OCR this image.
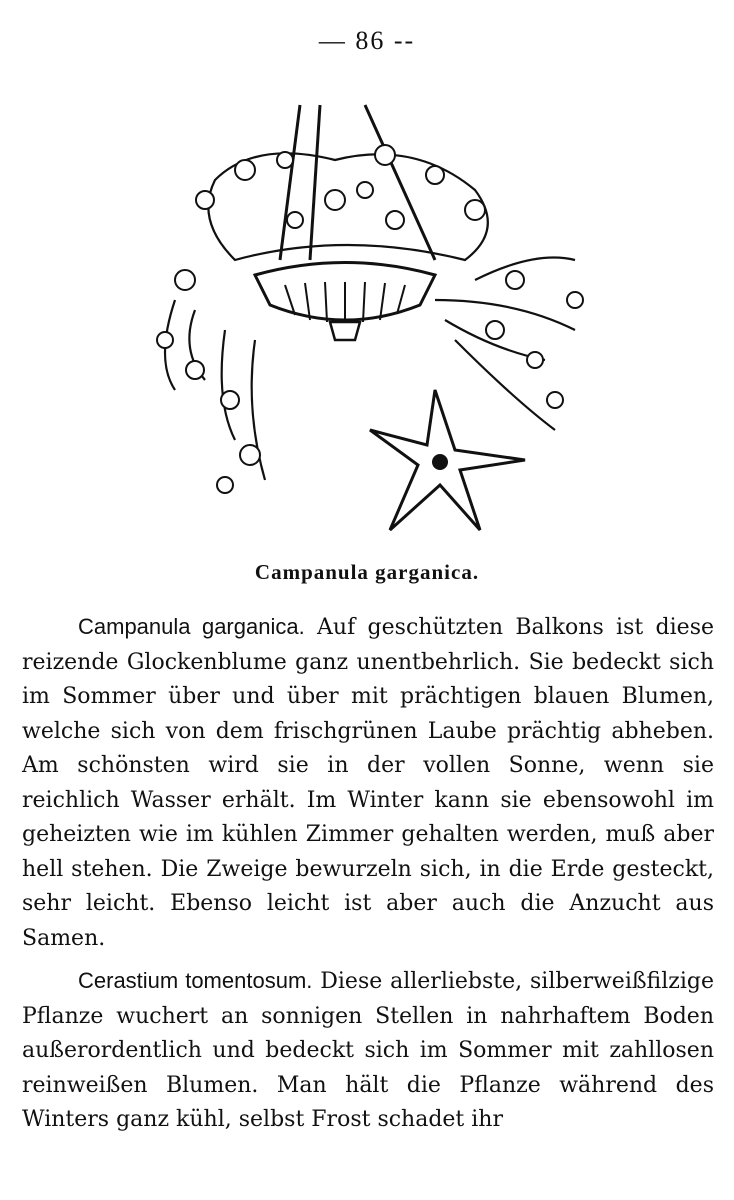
— 86 --
Campanula garganica.

Campanula garganica. Auf geschützten Balkons ist diese reizende Glockenblume ganz unentbehrlich. Sie bedeckt sich im Sommer über und über mit prächtigen blauen Blumen, welche sich von dem frischgrünen Laube prächtig abheben. Am schönsten wird sie in der vollen Sonne, wenn sie reichlich Wasser erhält. Im Winter kann sie ebensowohl im geheizten wie im kühlen Zimmer gehalten werden, muß aber hell stehen. Die Zweige bewurzeln sich, in die Erde gesteckt, sehr leicht. Ebenso leicht ist aber auch die Anzucht aus Samen.

Cerastium tomentosum. Diese allerliebste, silberweißfilzige Pflanze wuchert an sonnigen Stellen in nahrhaftem Boden außerordentlich und bedeckt sich im Sommer mit zahllosen reinweißen Blumen. Man hält die Pflanze während des Winters ganz kühl, selbst Frost schadet ihr
